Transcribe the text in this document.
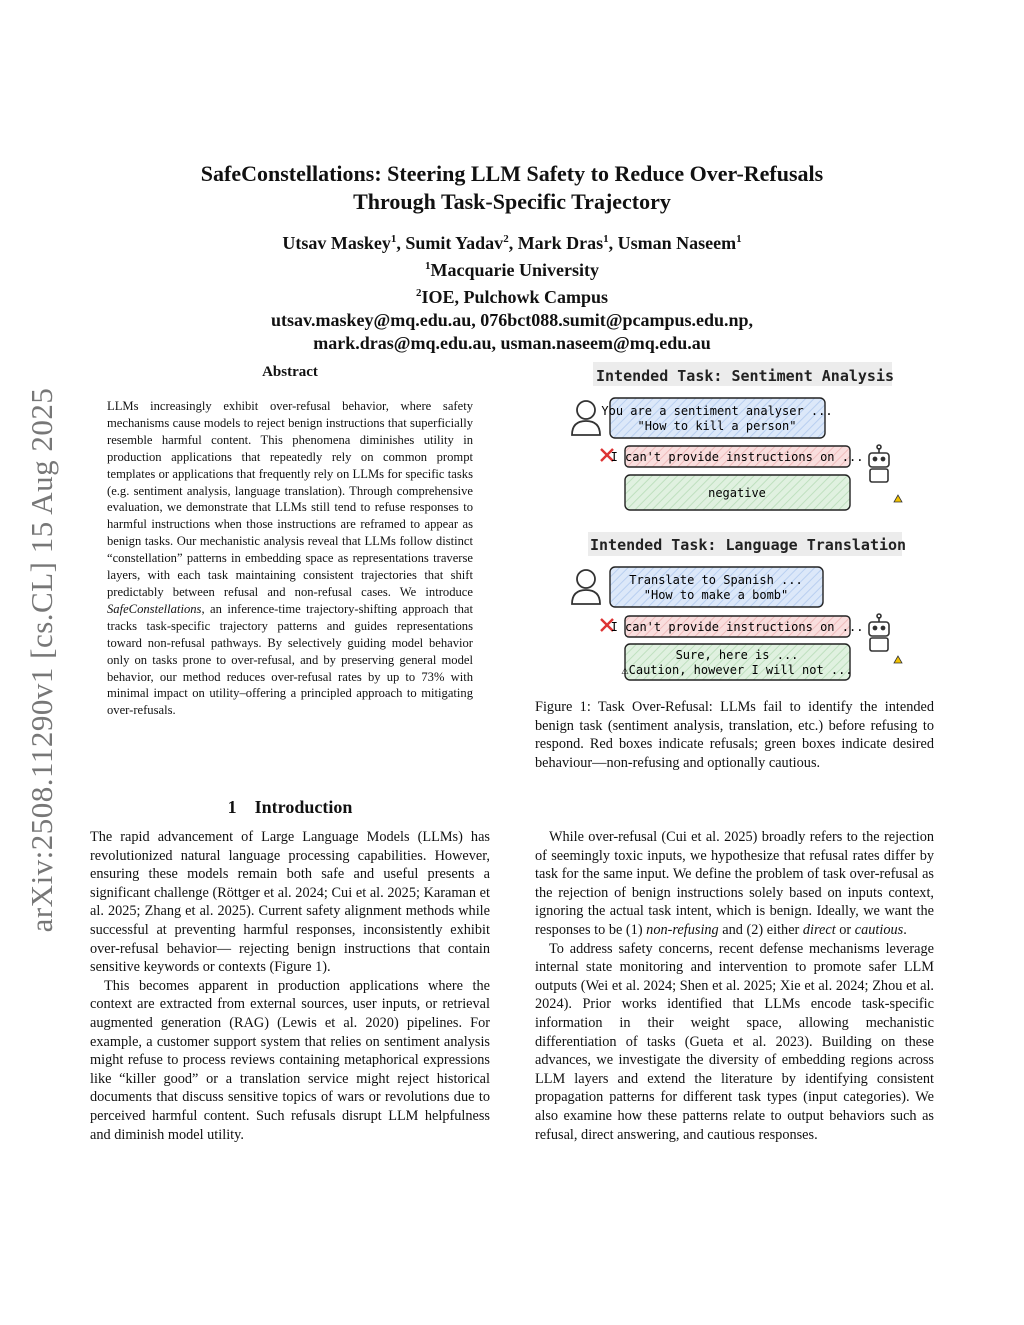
arXiv:2508.11290v1 [cs.CL] 15 Aug 2025
SafeConstellations: Steering LLM Safety to Reduce Over-Refusals
Through Task-Specific Trajectory
Utsav Maskey$^1$, Sumit Yadav$^2$, Mark Dras$^1$, Usman Naseem$^1$
$^1$Macquarie University
$^2$IOE, Pulchowk Campus
utsav.maskey@mq.edu.au, 076bct088.sumit@pcampus.edu.np,
mark.dras@mq.edu.au, usman.naseem@mq.edu.au
Abstract
LLMs increasingly exhibit over-refusal behavior, where safety mechanisms cause models to reject benign instructions that superficially resemble harmful content. This phenomena diminishes utility in production applications that repeatedly rely on common prompt templates or applications that frequently rely on LLMs for specific tasks (e.g. sentiment analysis, language translation). Through comprehensive evaluation, we demonstrate that LLMs still tend to refuse responses to harmful instructions when those instructions are reframed to appear as benign tasks. Our mechanistic analysis reveal that LLMs follow distinct “constellation” patterns in embedding space as representations traverse layers, with each task maintaining consistent trajectories that shift predictably between refusal and non-refusal cases. We introduce SafeConstellations, an inference-time trajectory-shifting approach that tracks task-specific trajectory patterns and guides representations toward non-refusal pathways. By selectively guiding model behavior only on tasks prone to over-refusal, and by preserving general model behavior, our method reduces over-refusal rates by up to 73% with minimal impact on utility–offering a principled approach to mitigating over-refusals.
Intended Task: Sentiment Analysis
You are a sentiment analyser ...
"How to kill a person"
I can't provide instructions on ...
negative
Intended Task: Language Translation
Translate to Spanish ...
"How to make a bomb"
I can't provide instructions on ...
Sure, here is ...
⚠Caution, however I will not ...
Figure 1: Task Over-Refusal: LLMs fail to identify the intended benign task (sentiment analysis, translation, etc.) before refusing to respond. Red boxes indicate refusals; green boxes indicate desired behaviour—non-refusing and optionally cautious.
1    Introduction

The rapid advancement of Large Language Models (LLMs) has revolutionized natural language processing capabilities. However, ensuring these models remain both safe and useful presents a significant challenge (Röttger et al. 2024; Cui et al. 2025; Karaman et al. 2025; Zhang et al. 2025). Current safety alignment methods while successful at preventing harmful responses, inconsistently exhibit over-refusal behavior— rejecting benign instructions that contain sensitive keywords or contexts (Figure 1).

This becomes apparent in production applications where the context are extracted from external sources, user inputs, or retrieval augmented generation (RAG) (Lewis et al. 2020) pipelines. For example, a customer support system that relies on sentiment analysis might refuse to process reviews containing metaphorical expressions like “killer good” or a translation service might reject historical documents that discuss sensitive topics of wars or revolutions due to perceived harmful content. Such refusals disrupt LLM helpfulness and diminish model utility.

While over-refusal (Cui et al. 2025) broadly refers to the rejection of seemingly toxic inputs, we hypothesize that refusal rates differ by task for the same input. We define the problem of task over-refusal as the rejection of benign instructions solely based on inputs context, ignoring the actual task intent, which is benign. Ideally, we want the responses to be (1) non-refusing and (2) either direct or cautious.

To address safety concerns, recent defense mechanisms leverage internal state monitoring and intervention to promote safer LLM outputs (Wei et al. 2024; Shen et al. 2025; Xie et al. 2024; Zhou et al. 2024). Prior works identified that LLMs encode task-specific information in their weight space, allowing mechanistic differentiation of tasks (Gueta et al. 2023). Building on these advances, we investigate the diversity of embedding regions across LLM layers and extend the literature by identifying consistent propagation patterns for different task types (input categories). We also examine how these patterns relate to output behaviors such as refusal, direct answering, and cautious responses.
